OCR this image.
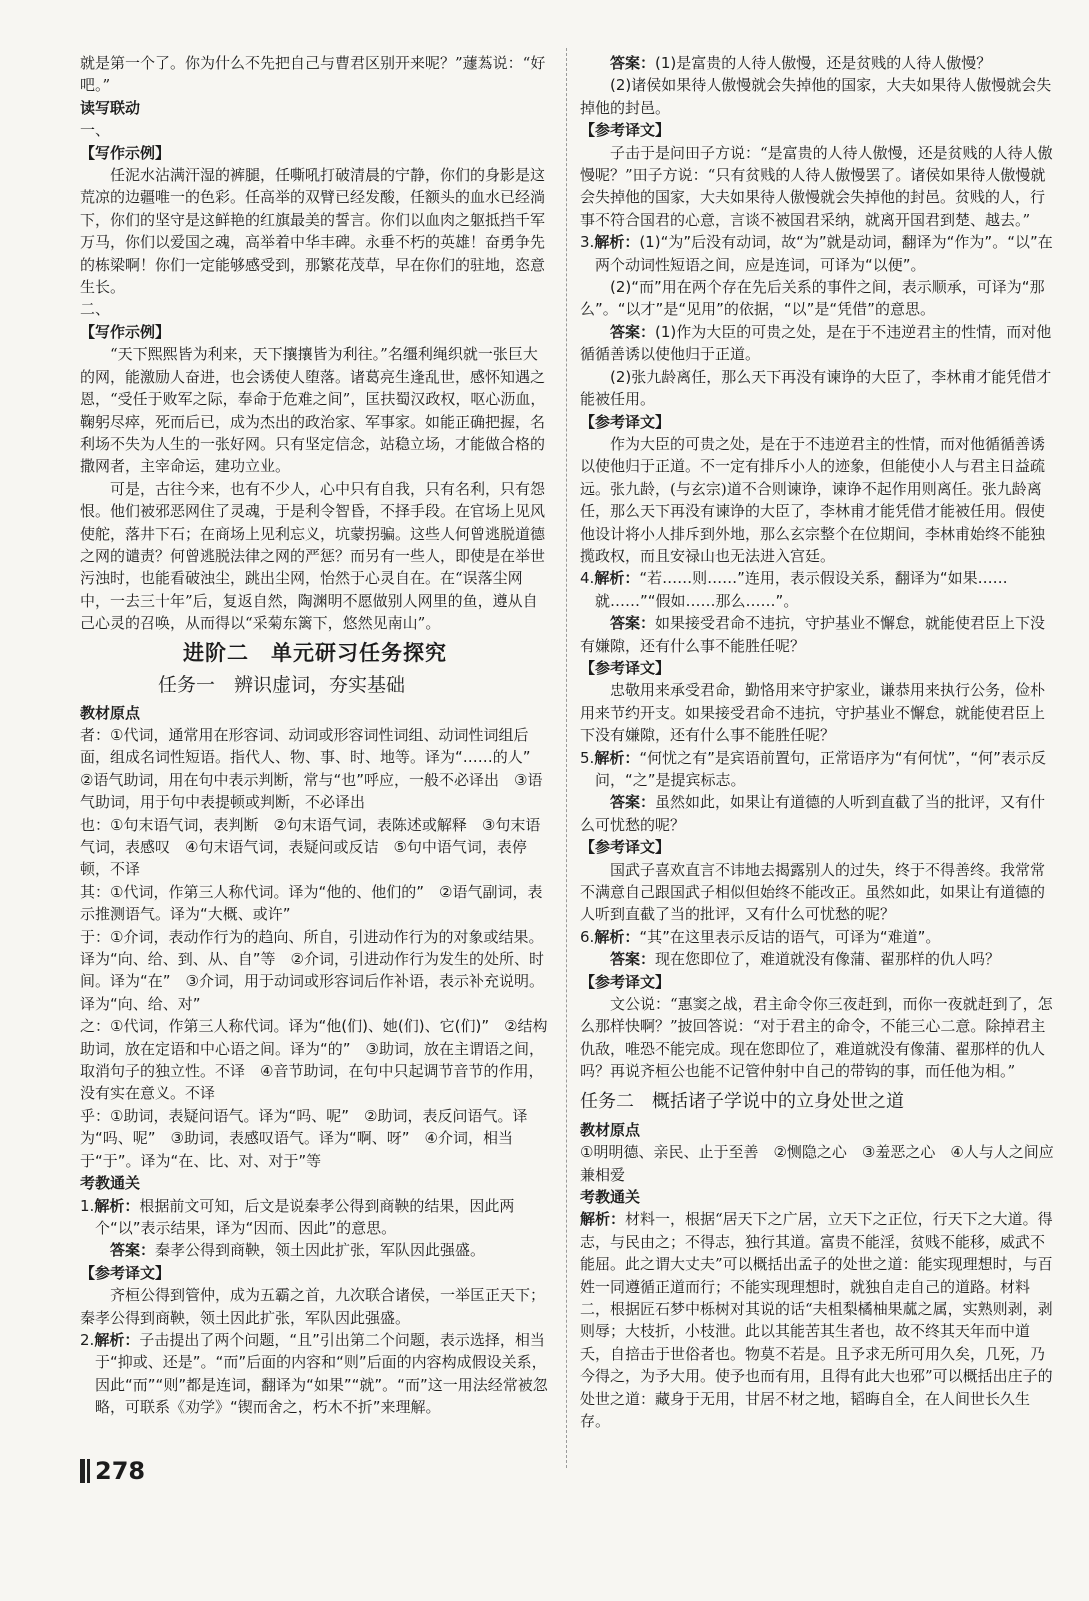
就是第一个了。你为什么不先把自己与曹君区别开来呢？”蘧蒍说：“好吧。”

读写联动

一、

【写作示例】

任泥水沾满汗湿的裤腿，任嘶吼打破清晨的宁静，你们的身影是这荒凉的边疆唯一的色彩。任高举的双臂已经发酸，任额头的血水已经淌下，你们的坚守是这鲜艳的红旗最美的誓言。你们以血肉之躯抵挡千军万马，你们以爱国之魂，高举着中华丰碑。永垂不朽的英雄！奋勇争先的栋梁啊！你们一定能够感受到，那繁花茂草，早在你们的驻地，恣意生长。

二、

【写作示例】

“天下熙熙皆为利来，天下攘攘皆为利往。”名缰利绳织就一张巨大的网，能激励人奋进，也会诱使人堕落。诸葛亮生逢乱世，感怀知遇之恩，“受任于败军之际，奉命于危难之间”，匡扶蜀汉政权，呕心沥血，鞠躬尽瘁，死而后已，成为杰出的政治家、军事家。如能正确把握，名利场不失为人生的一张好网。只有坚定信念，站稳立场，才能做合格的撒网者，主宰命运，建功立业。

可是，古往今来，也有不少人，心中只有自我，只有名利，只有怨恨。他们被邪恶网住了灵魂，于是利令智昏，不择手段。在官场上见风使舵，落井下石；在商场上见利忘义，坑蒙拐骗。这些人何曾逃脱道德之网的谴责？何曾逃脱法律之网的严惩？而另有一些人，即使是在举世污浊时，也能看破浊尘，跳出尘网，怡然于心灵自在。在“误落尘网中，一去三十年”后，复返自然，陶渊明不愿做别人网里的鱼，遵从自己心灵的召唤，从而得以“采菊东篱下，悠然见南山”。

进阶二　单元研习任务探究
任务一　辨识虚词，夯实基础

教材原点

者：①代词，通常用在形容词、动词或形容词性词组、动词性词组后面，组成名词性短语。指代人、物、事、时、地等。译为“……的人”　②语气助词，用在句中表示判断，常与“也”呼应，一般不必译出　③语气助词，用于句中表提顿或判断，不必译出

也：①句末语气词，表判断　②句末语气词，表陈述或解释　③句末语气词，表感叹　④句末语气词，表疑问或反诘　⑤句中语气词，表停顿，不译

其：①代词，作第三人称代词。译为“他的、他们的”　②语气副词，表示推测语气。译为“大概、或许”

于：①介词，表动作行为的趋向、所自，引进动作行为的对象或结果。译为“向、给、到、从、自”等　②介词，引进动作行为发生的处所、时间。译为“在”　③介词，用于动词或形容词后作补语，表示补充说明。译为“向、给、对”

之：①代词，作第三人称代词。译为“他(们)、她(们)、它(们)”　②结构助词，放在定语和中心语之间。译为“的”　③助词，放在主谓语之间，取消句子的独立性。不译　④音节助词，在句中只起调节音节的作用，没有实在意义。不译

乎：①助词，表疑问语气。译为“吗、呢”　②助词，表反问语气。译为“吗、呢”　③助词，表感叹语气。译为“啊、呀”　④介词，相当于“于”。译为“在、比、对、对于”等

考教通关

1.解析：根据前文可知，后文是说秦孝公得到商鞅的结果，因此两个“以”表示结果，译为“因而、因此”的意思。

答案：秦孝公得到商鞅，领土因此扩张，军队因此强盛。

【参考译文】

齐桓公得到管仲，成为五霸之首，九次联合诸侯，一举匡正天下；秦孝公得到商鞅，领土因此扩张，军队因此强盛。

2.解析：子击提出了两个问题，“且”引出第二个问题，表示选择，相当于“抑或、还是”。“而”后面的内容和“则”后面的内容构成假设关系，因此“而”“则”都是连词，翻译为“如果”“就”。“而”这一用法经常被忽略，可联系《劝学》“锲而舍之，朽木不折”来理解。

答案：(1)是富贵的人待人傲慢，还是贫贱的人待人傲慢？

(2)诸侯如果待人傲慢就会失掉他的国家，大夫如果待人傲慢就会失掉他的封邑。

【参考译文】

子击于是问田子方说：“是富贵的人待人傲慢，还是贫贱的人待人傲慢呢？”田子方说：“只有贫贱的人待人傲慢罢了。诸侯如果待人傲慢就会失掉他的国家，大夫如果待人傲慢就会失掉他的封邑。贫贱的人，行事不符合国君的心意，言谈不被国君采纳，就离开国君到楚、越去。”

3.解析：(1)“为”后没有动词，故“为”就是动词，翻译为“作为”。“以”在两个动词性短语之间，应是连词，可译为“以便”。

(2)“而”用在两个存在先后关系的事件之间，表示顺承，可译为“那么”。“以才”是“见用”的依据，“以”是“凭借”的意思。

答案：(1)作为大臣的可贵之处，是在于不违逆君主的性情，而对他循循善诱以使他归于正道。

(2)张九龄离任，那么天下再没有谏诤的大臣了，李林甫才能凭借才能被任用。

【参考译文】

作为大臣的可贵之处，是在于不违逆君主的性情，而对他循循善诱以使他归于正道。不一定有排斥小人的迹象，但能使小人与君主日益疏远。张九龄，(与玄宗)道不合则谏诤，谏诤不起作用则离任。张九龄离任，那么天下再没有谏诤的大臣了，李林甫才能凭借才能被任用。假使他设计将小人排斥到外地，那么玄宗整个在位期间，李林甫始终不能独揽政权，而且安禄山也无法进入宫廷。

4.解析：“若……则……”连用，表示假设关系，翻译为“如果……就……”“假如……那么……”。

答案：如果接受君命不违抗，守护基业不懈怠，就能使君臣上下没有嫌隙，还有什么事不能胜任呢？

【参考译文】

忠敬用来承受君命，勤恪用来守护家业，谦恭用来执行公务，俭朴用来节约开支。如果接受君命不违抗，守护基业不懈怠，就能使君臣上下没有嫌隙，还有什么事不能胜任呢？

5.解析：“何忧之有”是宾语前置句，正常语序为“有何忧”，“何”表示反问，“之”是提宾标志。

答案：虽然如此，如果让有道德的人听到直截了当的批评，又有什么可忧愁的呢？

【参考译文】

国武子喜欢直言不讳地去揭露别人的过失，终于不得善终。我常常不满意自己跟国武子相似但始终不能改正。虽然如此，如果让有道德的人听到直截了当的批评，又有什么可忧愁的呢？

6.解析：“其”在这里表示反诘的语气，可译为“难道”。

答案：现在您即位了，难道就没有像蒲、翟那样的仇人吗？

【参考译文】

文公说：“惠窦之战，君主命令你三夜赶到，而你一夜就赶到了，怎么那样快啊？”披回答说：“对于君主的命令，不能三心二意。除掉君主仇敌，唯恐不能完成。现在您即位了，难道就没有像蒲、翟那样的仇人吗？再说齐桓公也能不记管仲射中自己的带钩的事，而任他为相。”

任务二　概括诸子学说中的立身处世之道

教材原点

①明明德、亲民、止于至善　②恻隐之心　③羞恶之心　④人与人之间应兼相爱

考教通关

解析：材料一，根据“居天下之广居，立天下之正位，行天下之大道。得志，与民由之；不得志，独行其道。富贵不能淫，贫贱不能移，威武不能屈。此之谓大丈夫”可以概括出孟子的处世之道：能实现理想时，与百姓一同遵循正道而行；不能实现理想时，就独自走自己的道路。材料二，根据匠石梦中栎树对其说的话“夫柤梨橘柚果蓏之属，实熟则剥，剥则辱；大枝折，小枝泄。此以其能苦其生者也，故不终其天年而中道夭，自掊击于世俗者也。物莫不若是。且予求无所可用久矣，几死，乃今得之，为予大用。使予也而有用，且得有此大也邪”可以概括出庄子的处世之道：藏身于无用，甘居不材之地，韬晦自全，在人间世长久生存。

278
